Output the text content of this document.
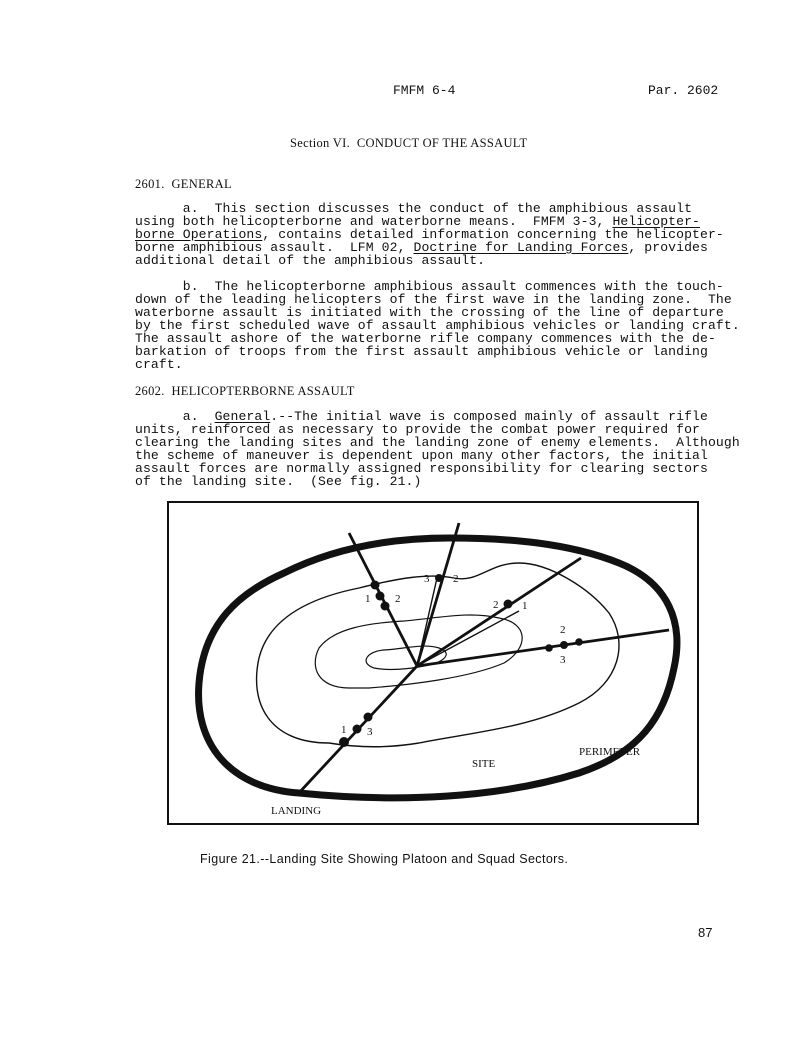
FMFM 6-4	Par. 2602
Section VI.  CONDUCT OF THE ASSAULT
2601.  GENERAL
a.  This section discusses the conduct of the amphibious assault
using both helicopterborne and waterborne means.  FMFM 3-3, Helicopter-
borne Operations, contains detailed information concerning the helicopter-
borne amphibious assault.  LFM 02, Doctrine for Landing Forces, provides
additional detail of the amphibious assault.
b.  The helicopterborne amphibious assault commences with the touch-
down of the leading helicopters of the first wave in the landing zone.  The
waterborne assault is initiated with the crossing of the line of departure
by the first scheduled wave of assault amphibious vehicles or landing craft.
The assault ashore of the waterborne rifle company commences with the de-
barkation of troops from the first assault amphibious vehicle or landing
craft.
2602.  HELICOPTERBORNE ASSAULT
a.  General.--The initial wave is composed mainly of assault rifle
units, reinforced as necessary to provide the combat power required for
clearing the landing sites and the landing zone of enemy elements.  Although
the scheme of maneuver is dependent upon many other factors, the initial
assault forces are normally assigned responsibility for clearing sectors
of the landing site.  (See fig. 21.)
1 2
3 2
2 1
2
3
1 3
PERIMETER
SITE
LANDING
Figure 21.--Landing Site Showing Platoon and Squad Sectors.
87
